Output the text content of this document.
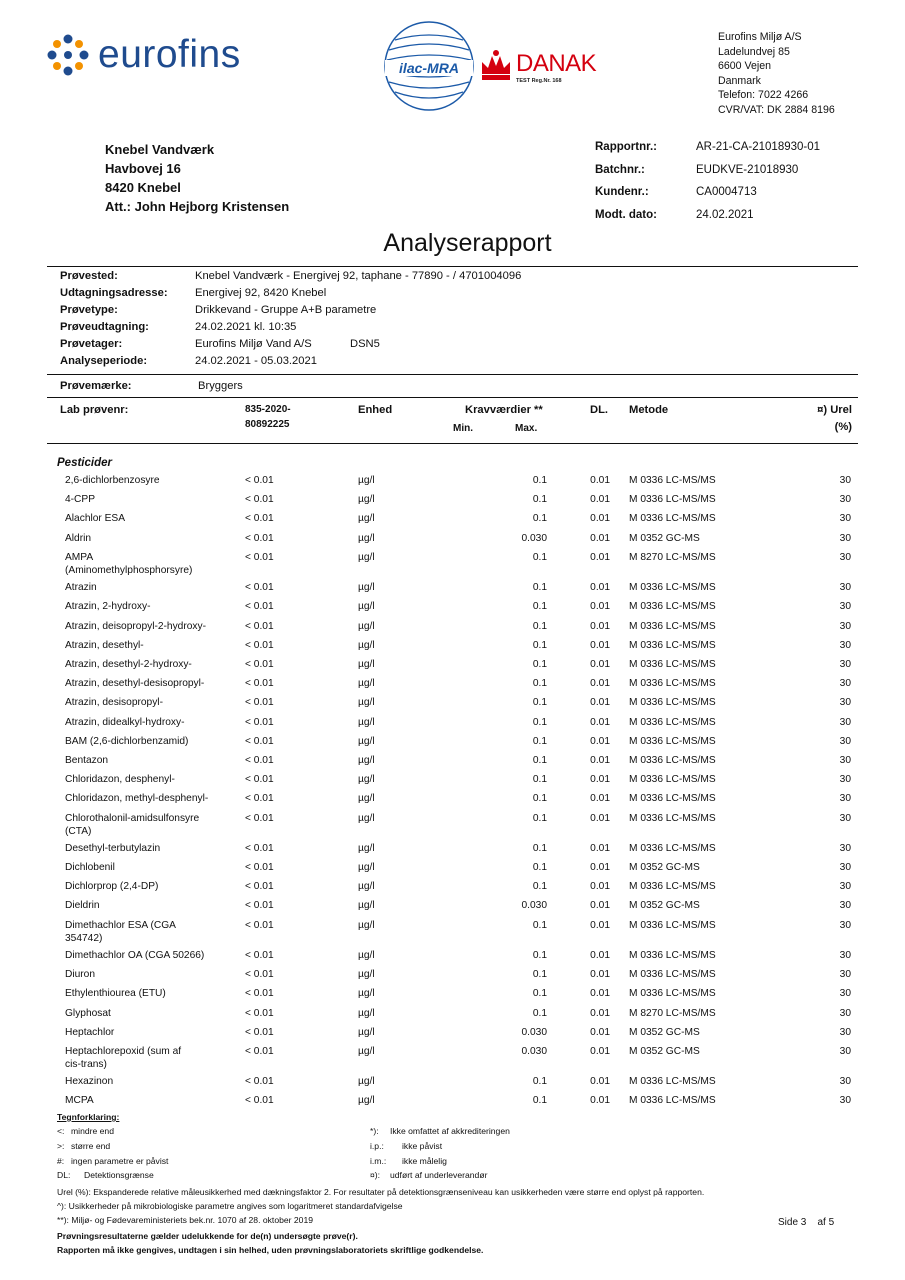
eurofins	ilac-MRA DANAK
TEST Reg.Nr. 168
Eurofins Miljø A/S
Ladelundvej 85
6600 Vejen
Danmark
Telefon: 7022 4266
CVR/VAT: DK 2884 8196
Knebel Vandværk
Havbovej 16
8420 Knebel
Att.: John Hejborg Kristensen
Rapportnr.:	AR-21-CA-21018930-01
Batchnr.:	EUDKVE-21018930
Kundenr.:	CA0004713
Modt. dato:	24.02.2021
Analyserapport
Prøvested:	Knebel Vandværk - Energivej 92, taphane - 77890 - / 4701004096
Udtagningsadresse:	Energivej 92, 8420 Knebel
Prøvetype:	Drikkevand - Gruppe A+B parametre
Prøveudtagning:	24.02.2021 kl. 10:35
Prøvetager:	Eurofins Miljø Vand A/S	DSN5
Analyseperiode:	24.02.2021 - 05.03.2021
Prøvemærke:	Bryggers
Lab prøvenr:	835-2020-
80892225
Enhed	Kravværdier **
Min.	Max.
DL. Metode	¤) Urel
(%)
Pesticider
2,6-dichlorbenzosyre	< 0.01	µg/l	0.1	0.01 M 0336 LC-MS/MS	30
4-CPP	< 0.01	µg/l	0.1	0.01 M 0336 LC-MS/MS	30
Alachlor ESA	< 0.01	µg/l	0.1	0.01 M 0336 LC-MS/MS	30
Aldrin	< 0.01	µg/l	0.030	0.01 M 0352 GC-MS	30
AMPA
(Aminomethylphosphorsyre)
< 0.01	µg/l	0.1	0.01 M 8270 LC-MS/MS	30
Atrazin	< 0.01	µg/l	0.1	0.01 M 0336 LC-MS/MS	30
Atrazin, 2-hydroxy-	< 0.01	µg/l	0.1	0.01 M 0336 LC-MS/MS	30
Atrazin, deisopropyl-2-hydroxy-	< 0.01	µg/l	0.1	0.01 M 0336 LC-MS/MS	30
Atrazin, desethyl-	< 0.01	µg/l	0.1	0.01 M 0336 LC-MS/MS	30
Atrazin, desethyl-2-hydroxy-	< 0.01	µg/l	0.1	0.01 M 0336 LC-MS/MS	30
Atrazin, desethyl-desisopropyl-	< 0.01	µg/l	0.1	0.01 M 0336 LC-MS/MS	30
Atrazin, desisopropyl-	< 0.01	µg/l	0.1	0.01 M 0336 LC-MS/MS	30
Atrazin, didealkyl-hydroxy-	< 0.01	µg/l	0.1	0.01 M 0336 LC-MS/MS	30
BAM (2,6-dichlorbenzamid)	< 0.01	µg/l	0.1	0.01 M 0336 LC-MS/MS	30
Bentazon	< 0.01	µg/l	0.1	0.01 M 0336 LC-MS/MS	30
Chloridazon, desphenyl-	< 0.01	µg/l	0.1	0.01 M 0336 LC-MS/MS	30
Chloridazon, methyl-desphenyl-	< 0.01	µg/l	0.1	0.01 M 0336 LC-MS/MS	30
Chlorothalonil-amidsulfonsyre
(CTA)
< 0.01	µg/l	0.1	0.01 M 0336 LC-MS/MS	30
Desethyl-terbutylazin	< 0.01	µg/l	0.1	0.01 M 0336 LC-MS/MS	30
Dichlobenil	< 0.01	µg/l	0.1	0.01 M 0352 GC-MS	30
Dichlorprop (2,4-DP)	< 0.01	µg/l	0.1	0.01 M 0336 LC-MS/MS	30
Dieldrin	< 0.01	µg/l	0.030	0.01 M 0352 GC-MS	30
Dimethachlor ESA (CGA
354742)
< 0.01	µg/l	0.1	0.01 M 0336 LC-MS/MS	30
Dimethachlor OA (CGA 50266)	< 0.01	µg/l	0.1	0.01 M 0336 LC-MS/MS	30
Diuron	< 0.01	µg/l	0.1	0.01 M 0336 LC-MS/MS	30
Ethylenthiourea (ETU)	< 0.01	µg/l	0.1	0.01 M 0336 LC-MS/MS	30
Glyphosat	< 0.01	µg/l	0.1	0.01 M 8270 LC-MS/MS	30
Heptachlor	< 0.01	µg/l	0.030	0.01 M 0352 GC-MS	30
Heptachlorepoxid (sum af
cis-trans)
< 0.01	µg/l	0.030	0.01 M 0352 GC-MS	30
Hexazinon	< 0.01	µg/l	0.1	0.01 M 0336 LC-MS/MS	30
MCPA	< 0.01	µg/l	0.1	0.01 M 0336 LC-MS/MS	30
Tegnforklaring:
<: mindre end
>: større end
#: ingen parametre er påvist
DL: Detektionsgrænse
*): Ikke omfattet af akkrediteringen
i.p.: ikke påvist
i.m.: ikke målelig
¤): udført af underleverandør
Urel (%): Ekspanderede relative måleusikkerhed med dækningsfaktor 2. For resultater på detektionsgrænseniveau kan usikkerheden være større end oplyst på rapporten.
^): Usikkerheder på mikrobiologiske parametre angives som logaritmeret standardafvigelse
**): Miljø- og Fødevareministeriets bek.nr. 1070 af 28. oktober 2019	Side 3 af 5
Prøvningsresultaterne gælder udelukkende for de(n) undersøgte prøve(r).
Rapporten må ikke gengives, undtagen i sin helhed, uden prøvningslaboratoriets skriftlige godkendelse.
